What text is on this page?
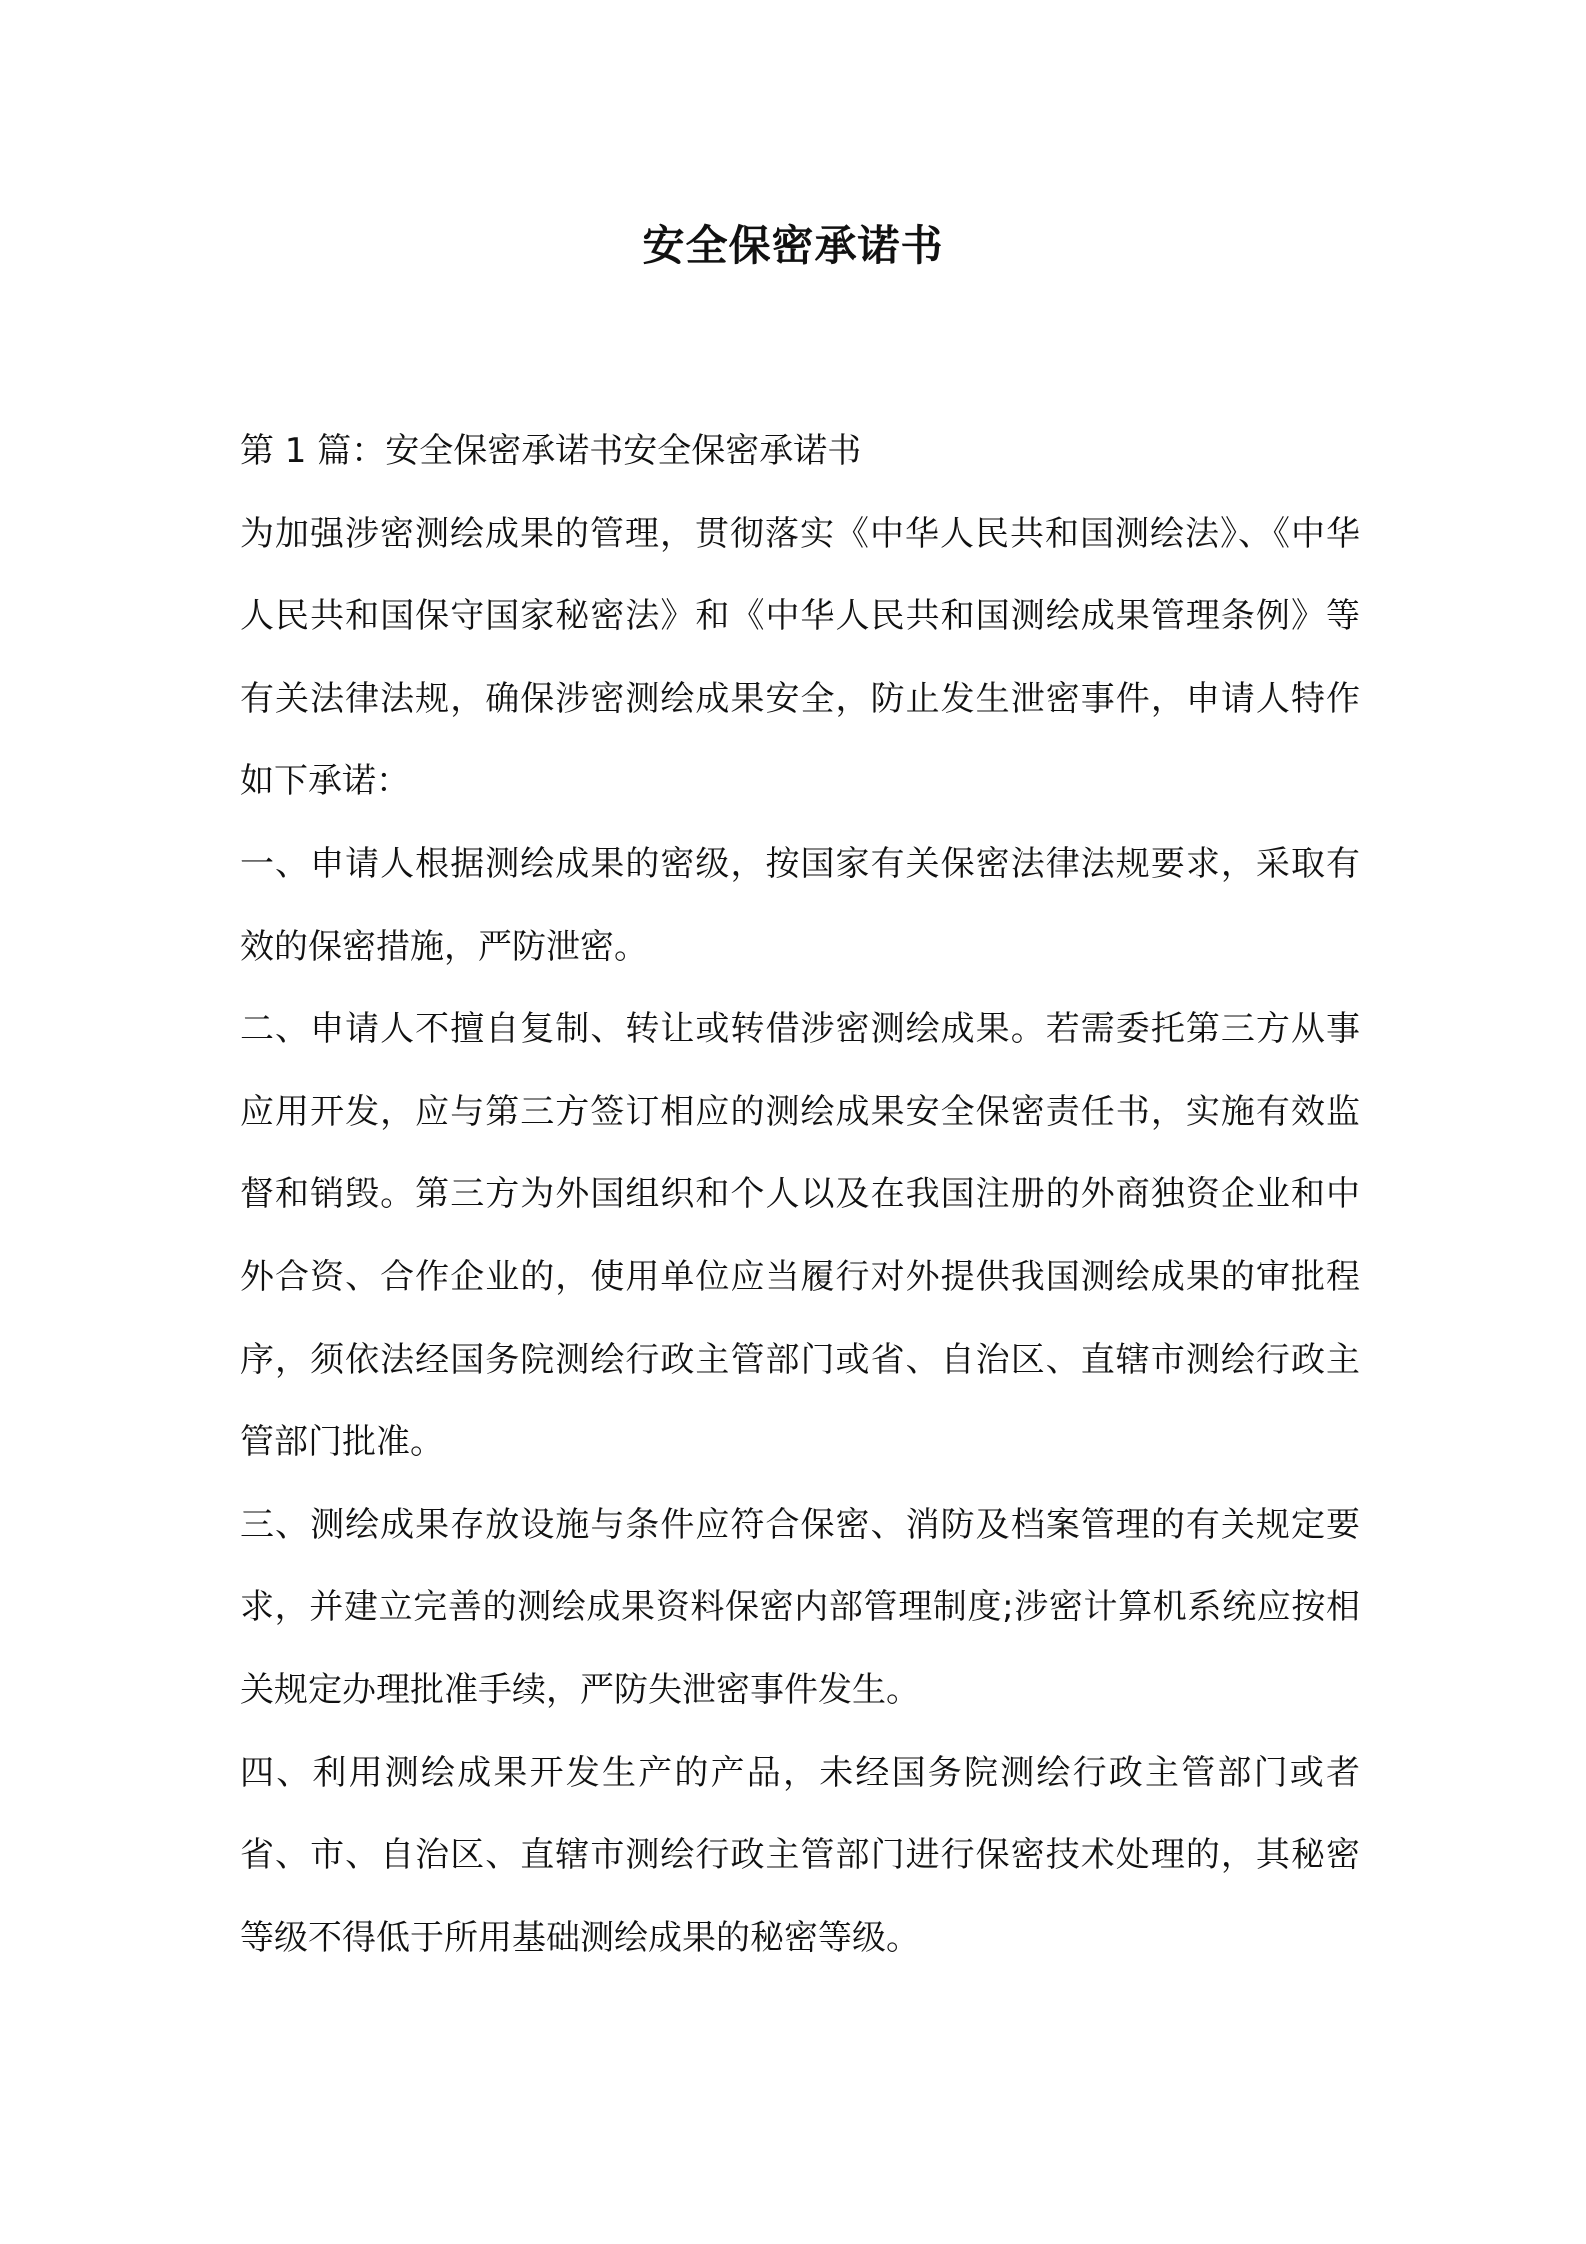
安全保密承诺书

第 1 篇：安全保密承诺书安全保密承诺书

为加强涉密测绘成果的管理，贯彻落实《中华人民共和国测绘法》、《中华人民共和国保守国家秘密法》和《中华人民共和国测绘成果管理条例》等有关法律法规，确保涉密测绘成果安全，防止发生泄密事件，申请人特作如下承诺：

一、申请人根据测绘成果的密级，按国家有关保密法律法规要求，采取有效的保密措施，严防泄密。

二、申请人不擅自复制、转让或转借涉密测绘成果。若需委托第三方从事应用开发，应与第三方签订相应的测绘成果安全保密责任书，实施有效监督和销毁。第三方为外国组织和个人以及在我国注册的外商独资企业和中外合资、合作企业的，使用单位应当履行对外提供我国测绘成果的审批程序，须依法经国务院测绘行政主管部门或省、自治区、直辖市测绘行政主管部门批准。

三、测绘成果存放设施与条件应符合保密、消防及档案管理的有关规定要求，并建立完善的测绘成果资料保密内部管理制度;涉密计算机系统应按相关规定办理批准手续，严防失泄密事件发生。

四、利用测绘成果开发生产的产品，未经国务院测绘行政主管部门或者省、市、自治区、直辖市测绘行政主管部门进行保密技术处理的，其秘密等级不得低于所用基础测绘成果的秘密等级。
